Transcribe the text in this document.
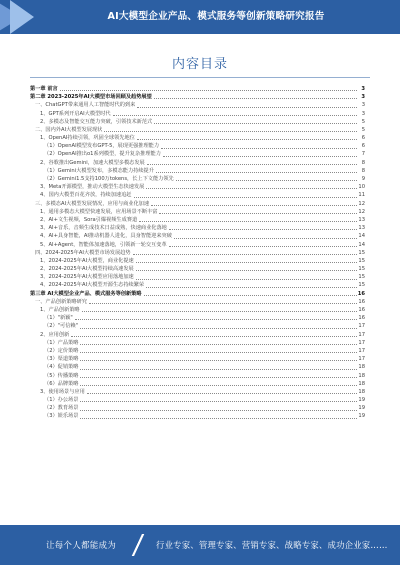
AI大模型企业产品、模式服务等创新策略研究报告
内容目录
第一章 前言	3
第二章 2023-2025年AI大模型市场回顾及趋势展望	3
一、ChatGPT带来通用人工智能时代的到来	3
1、GPT系列开启AI大模型时代	3
2、多模态及智能交互能力突破，引领技术新范式	5
二、国内外AI大模型发展现状	5
1、OpenAI持续引领，巩固全球领先地位	6
（1）OpenAI模型发布GPT-5，展现更强推理能力	6
（2）OpenAI推出o1系列模型，提升复杂推理能力	7
2、谷歌推出Gemini，加速大模型多模态发展	8
（1）Gemini大模型发布，多模态能力持续提升	8
（2）Gemini1.5支持100万tokens，长上下文能力领先	9
3、Meta开源模型，推动大模型生态快速发展	10
4、国内大模型百花齐放，持续加速追赶	11
三、多模态AI大模型发展情况，应用与商业化加速	12
1、通用多模态大模型快速发展，应用场景不断丰富	12
2、AI+文生视频，Sora引爆视频生成赛道	13
3、AI+音乐，音频生成技术日益成熟，快速商业化落地	13
4、AI+具身智能，AI推动机器人进化，具身智能迎来突破	14
5、AI+Agent，智能体加速落地，引领新一轮交互变革	14
四、2024-2025年AI大模型市场发展趋势	15
1、2024-2025年AI大模型，商业化提速	15
2、2024-2025年AI大模型持续高速发展	15
3、2024-2025年AI大模型应用落地加速	15
4、2024-2025年AI大模型开源生态持续繁荣	15
第三章 AI大模型企业产品、模式服务等创新策略	16
一、产品创新策略研究	16
1、产品创新策略	16
（1）"新颖"	16
（2）"可信赖"	17
2、应用创新	17
（1）产品策略	17
（2）定价策略	17
（3）渠道策略	17
（4）促销策略	18
（5）传播策略	18
（6）品牌策略	18
3、使用场景与应用	18
（1）办公场景	19
（2）教育场景	19
（3）娱乐场景	19
让每个人都能成为	行业专家、管理专家、营销专家、战略专家、成功企业家……
